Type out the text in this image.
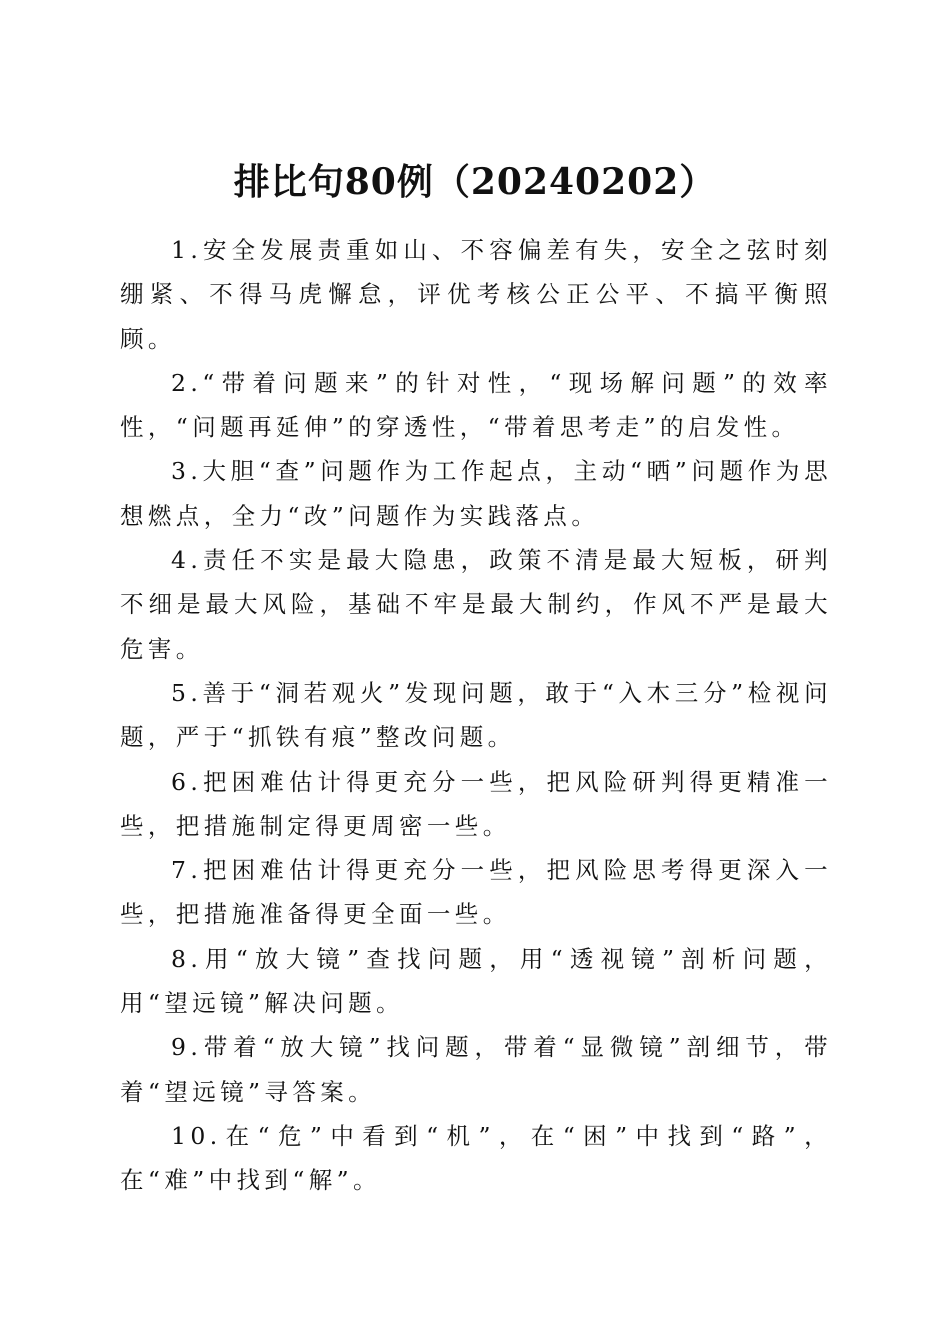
排比句80例（20240202）

1.安全发展责重如山、不容偏差有失，安全之弦时刻绷紧、不得马虎懈怠，评优考核公正公平、不搞平衡照顾。

2.“带着问题来”的针对性，“现场解问题”的效率性，“问题再延伸”的穿透性，“带着思考走”的启发性。

3.大胆“查”问题作为工作起点，主动“晒”问题作为思想燃点，全力“改”问题作为实践落点。

4.责任不实是最大隐患，政策不清是最大短板，研判不细是最大风险，基础不牢是最大制约，作风不严是最大危害。

5.善于“洞若观火”发现问题，敢于“入木三分”检视问题，严于“抓铁有痕”整改问题。

6.把困难估计得更充分一些，把风险研判得更精准一些，把措施制定得更周密一些。

7.把困难估计得更充分一些，把风险思考得更深入一些，把措施准备得更全面一些。

8.用“放大镜”查找问题，用“透视镜”剖析问题，用“望远镜”解决问题。

9.带着“放大镜”找问题，带着“显微镜”剖细节，带着“望远镜”寻答案。

10.在“危”中看到“机”，在“困”中找到“路”，在“难”中找到“解”。
